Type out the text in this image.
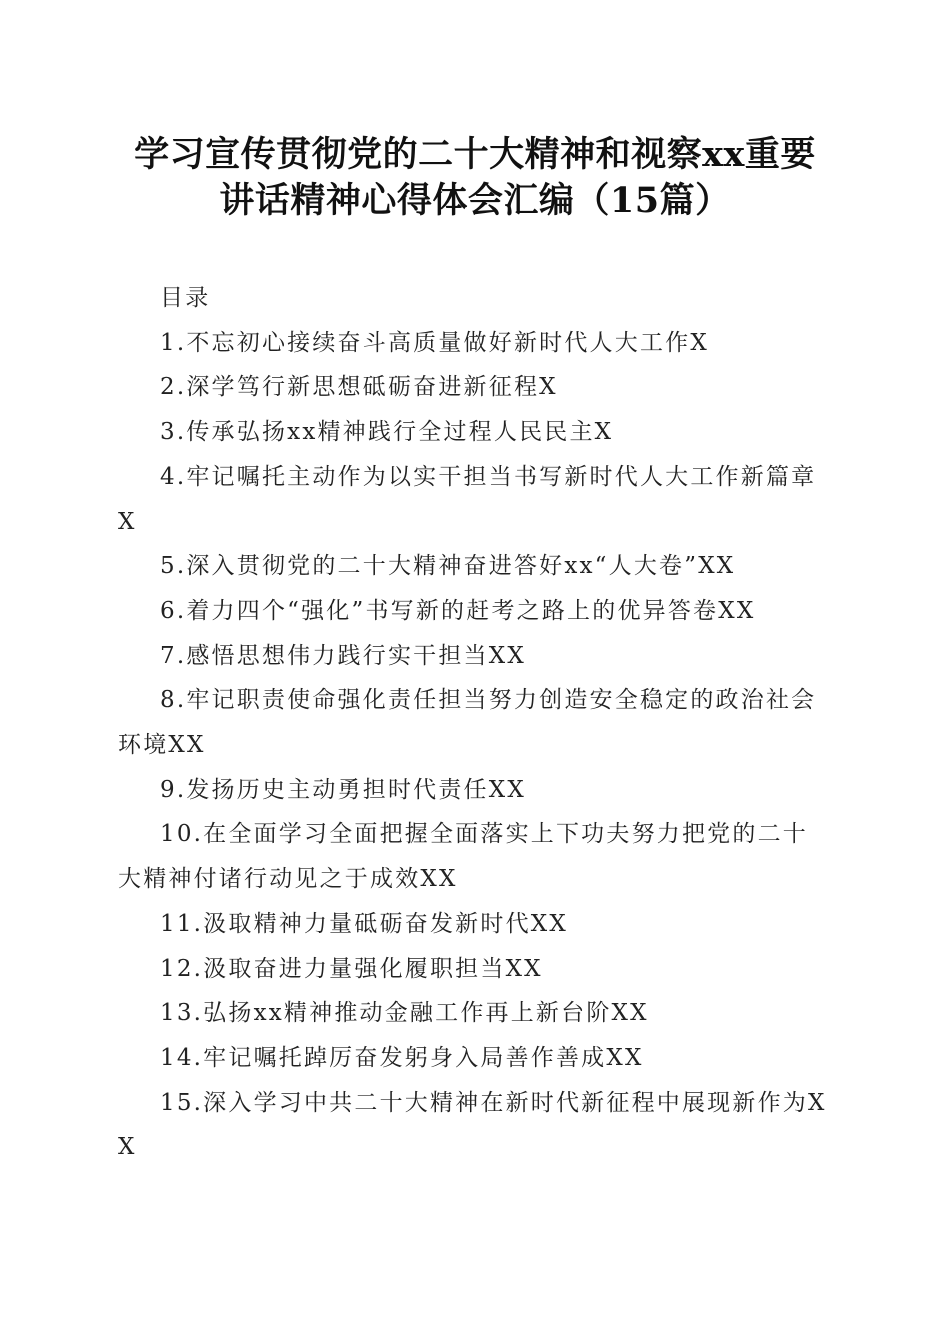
学习宣传贯彻党的二十大精神和视察xx重要
讲话精神心得体会汇编（15篇）

目录

1.不忘初心接续奋斗高质量做好新时代人大工作X

2.深学笃行新思想砥砺奋进新征程X

3.传承弘扬xx精神践行全过程人民民主X

4.牢记嘱托主动作为以实干担当书写新时代人大工作新篇章X

5.深入贯彻党的二十大精神奋进答好xx“人大卷”XX

6.着力四个“强化”书写新的赶考之路上的优异答卷XX

7.感悟思想伟力践行实干担当XX

8.牢记职责使命强化责任担当努力创造安全稳定的政治社会环境XX

9.发扬历史主动勇担时代责任XX

10.在全面学习全面把握全面落实上下功夫努力把党的二十大精神付诸行动见之于成效XX

11.汲取精神力量砥砺奋发新时代XX

12.汲取奋进力量强化履职担当XX

13.弘扬xx精神推动金融工作再上新台阶XX

14.牢记嘱托踔厉奋发躬身入局善作善成XX

15.深入学习中共二十大精神在新时代新征程中展现新作为XX
